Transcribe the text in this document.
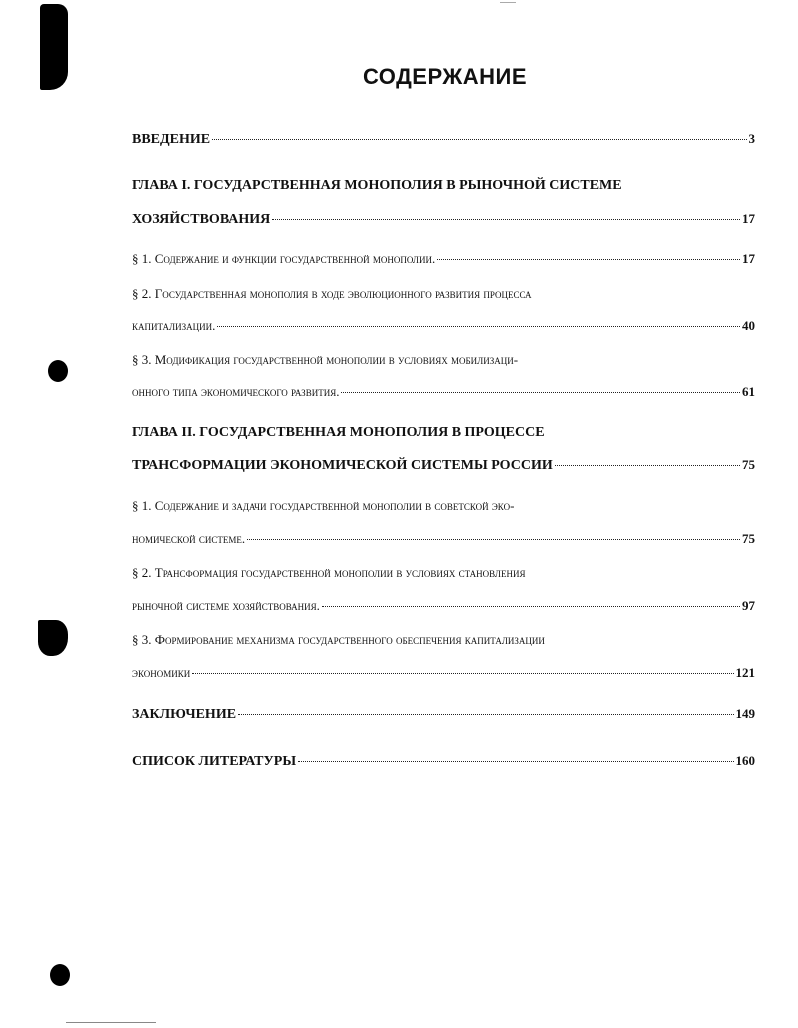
СОДЕРЖАНИЕ
ВВЕДЕНИЕ	3
ГЛАВА I. ГОСУДАРСТВЕННАЯ МОНОПОЛИЯ В РЫНОЧНОЙ СИСТЕМЕ
ХОЗЯЙСТВОВАНИЯ	17
§ 1. Содержание и функции государственной монополии.	17
§ 2. Государственная монополия в ходе эволюционного развития процесса
капитализации.	40
§ 3. Модификация государственной монополии в условиях мобилизаци-
онного типа экономического развития.	61
ГЛАВА II. ГОСУДАРСТВЕННАЯ МОНОПОЛИЯ В ПРОЦЕССЕ
ТРАНСФОРМАЦИИ ЭКОНОМИЧЕСКОЙ СИСТЕМЫ РОССИИ	75
§ 1. Содержание и задачи государственной монополии в советской эко-
номической системе.	75
§ 2. Трансформация государственной монополии в условиях становления
рыночной системе хозяйствования.	97
§ 3. Формирование механизма государственного обеспечения капитализации
экономики	121
ЗАКЛЮЧЕНИЕ	149
СПИСОК ЛИТЕРАТУРЫ	160
